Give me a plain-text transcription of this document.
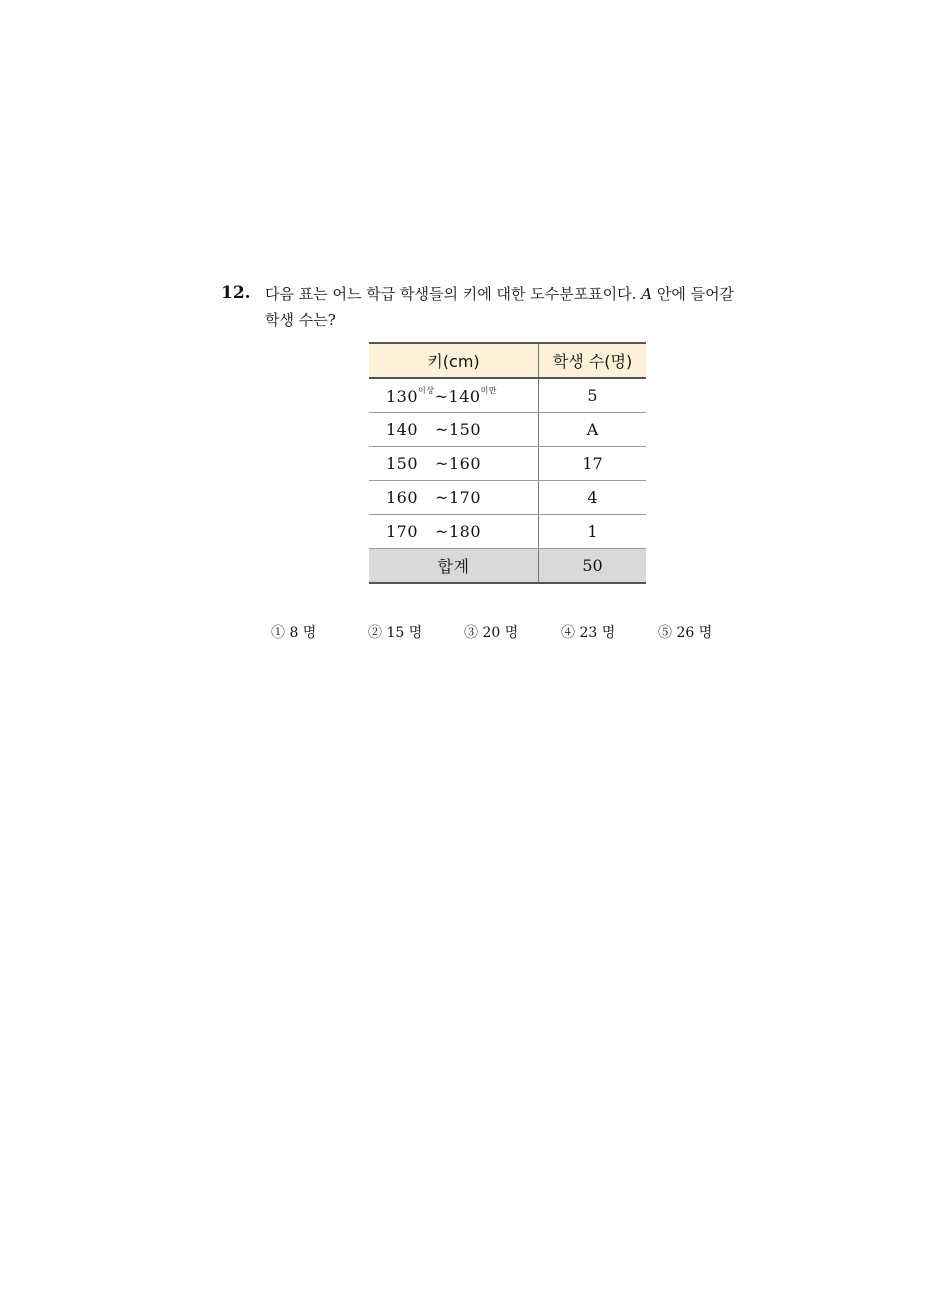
12. 다음 표는 어느 학급 학생들의 키에 대한 도수분포표이다. A 안에 들어갈
학생 수는?
키(cm)	학생 수(명)
$130^{이상}\sim 140^{미만}$	5
140 ~150	A
150 ~160	17
160 ~170	4
170 ~180	1
합계	50
① 8 명	② 15 명	③ 20 명	④ 23 명	⑤ 26 명
